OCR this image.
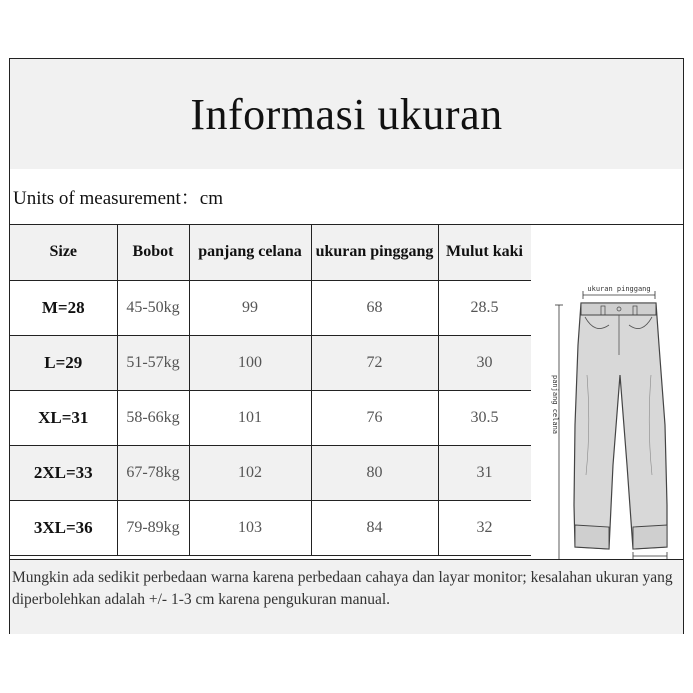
Informasi ukuran
Units of measurement：cm
Size	Bobot	panjang celana	ukuran pinggang	Mulut kaki
M=28	45-50kg	99	68	28.5
L=29	51-57kg	100	72	30
XL=31	58-66kg	101	76	30.5
2XL=33	67-78kg	102	80	31
3XL=36	79-89kg	103	84	32
ukuran pinggang
panjang celana
Mungkin ada sedikit perbedaan warna karena perbedaan cahaya dan layar monitor; kesalahan ukuran yang diperbolehkan adalah +/- 1-3 cm karena pengukuran manual.
